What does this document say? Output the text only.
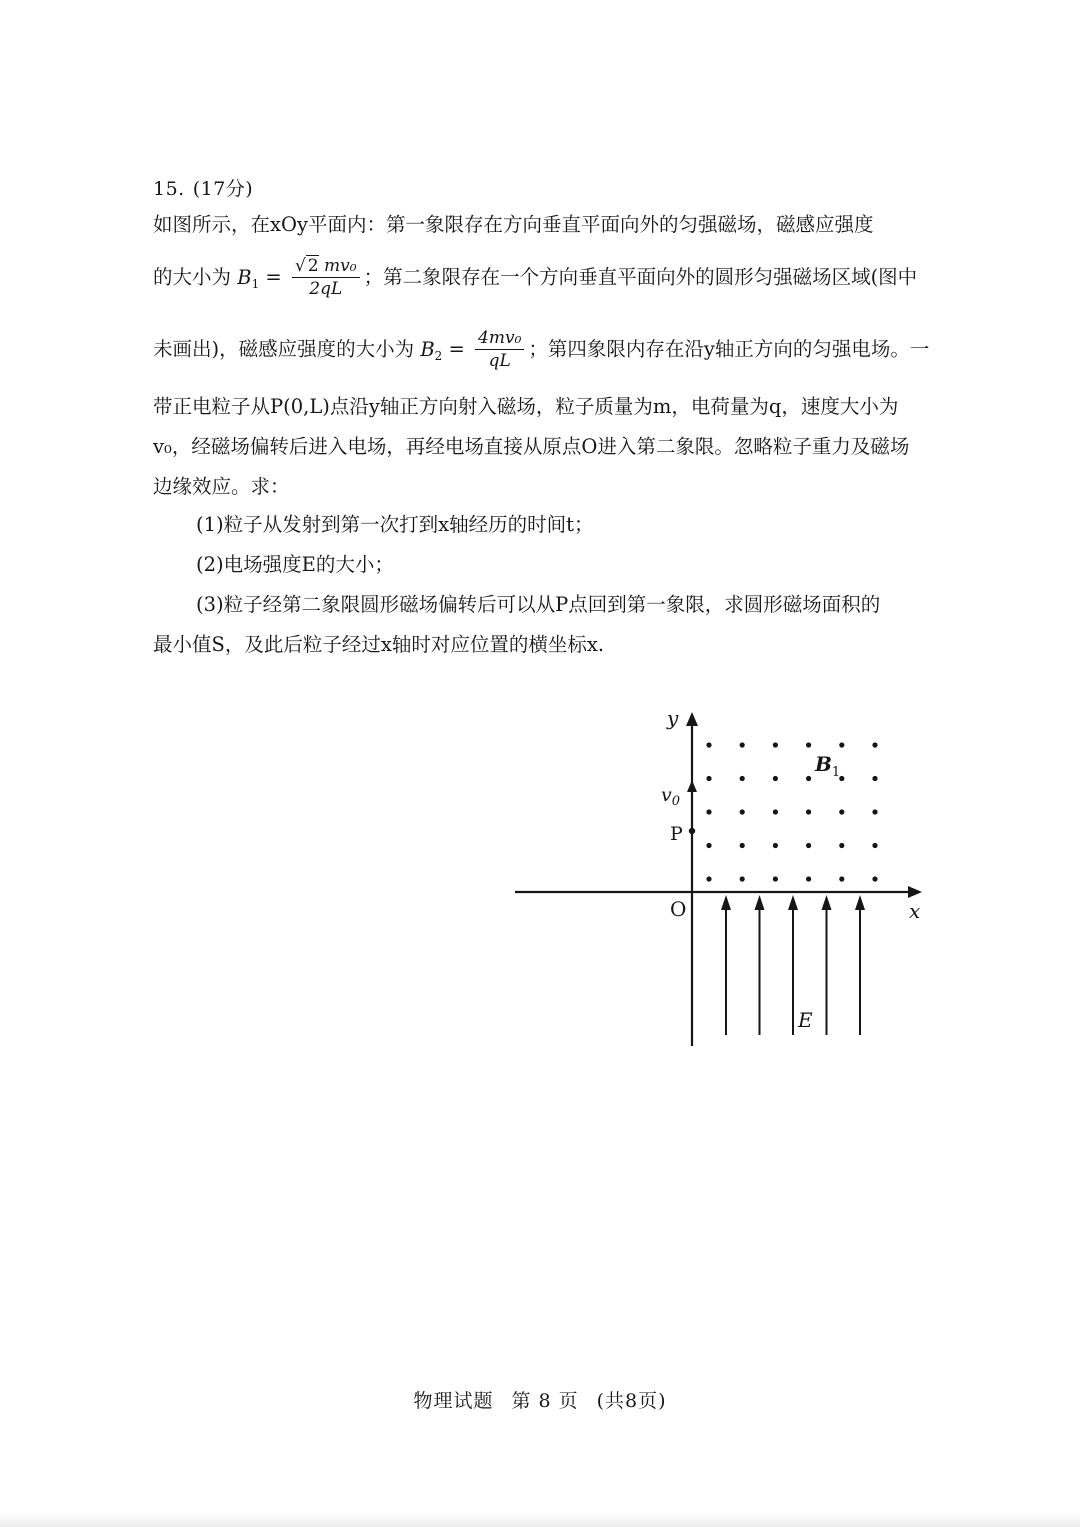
15. (17分)
如图所示，在xOy平面内：第一象限存在方向垂直平面向外的匀强磁场，磁感应强度
的大小为 $B_1 = \frac{\text{√ 2 mv₀}}{2qL}$ ；第二象限存在一个方向垂直平面向外的圆形匀强磁场区域(图中
未画出)，磁感应强度的大小为 $B_2 = \frac{\text{4mv₀}}{qL}$ ；第四象限内存在沿y轴正方向的匀强电场。一
带正电粒子从P(0,L)点沿y轴正方向射入磁场，粒子质量为m，电荷量为q，速度大小为
v₀，经磁场偏转后进入电场，再经电场直接从原点O进入第二象限。忽略粒子重力及磁场
边缘效应。求：
(1)粒子从发射到第一次打到x轴经历的时间t；
(2)电场强度E的大小；
(3)粒子经第二象限圆形磁场偏转后可以从P点回到第一象限，求圆形磁场面积的
最小值S，及此后粒子经过x轴时对应位置的横坐标x.
y
x
O
P
$v_0$
$B_1$
E
物理试题 第 8 页 (共8页)
